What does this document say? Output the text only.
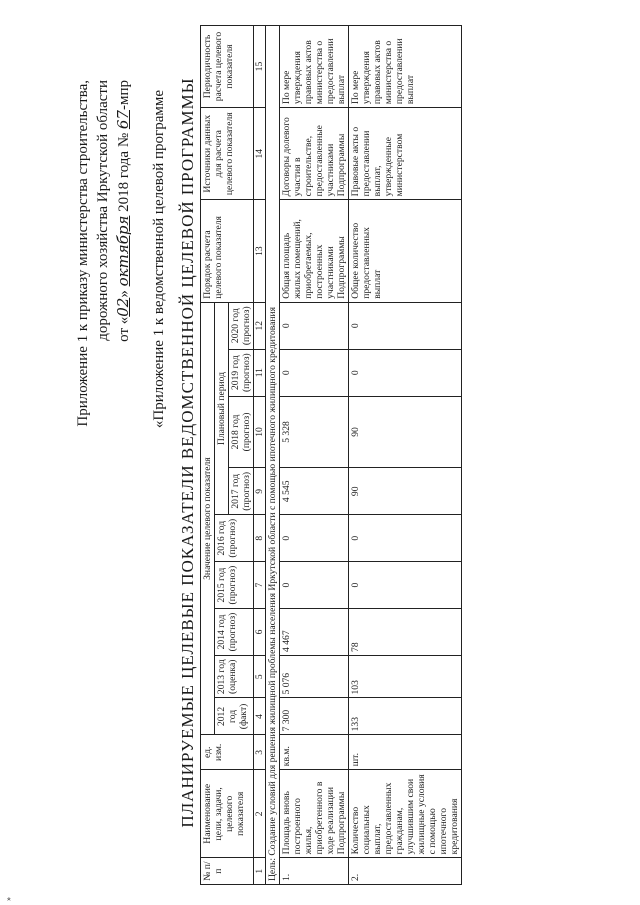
»
Приложение 1 к приказу министерства строительства, дорожного хозяйства Иркутской области от «02» октября 2018 года № 67-мпр «Приложение 1 к ведомственной целевой программе ПЛАНИРУЕМЫЕ ЦЕЛЕВЫЕ ПОКАЗАТЕЛИ ВЕДОМСТВЕННОЙ ЦЕЛЕВОЙ ПРОГРАММЫ
№ п/п	Наименование цели, задачи, целевого показателя	ед. изм.	Значение целевого показателя									Порядок расчета целевого показателя	Источники данных для расчета целевого показателя	Периодичность расчета целевого показателя
			2012 год (факт)	2013 год (оценка)	2014 год (прогноз)	2015 год (прогноз)	2016 год (прогноз)	Плановый период						
								2017 год (прогноз)	2018 год (прогноз)	2019 год (прогноз)	2020 год (прогноз)			
1	2	3	4	5	6	7	8	9	10	11	12	13	14	15
Цель: Создание условий для решения жилищной проблемы населения Иркутской области с помощью ипотечного жилищного кредитования														
1.	Площадь вновь построенного жилья, приобретенного в ходе реализации Подпрограммы	кв.м.	7 300	5 076	4 467	0	0	4 545	5 328	0	0	Общая площадь жилых помещений, приобретаемых, построенных участниками Подпрограммы	Договоры долевого участия в строительстве, предоставленные участниками Подпрограммы	По мере утверждения правовых актов министерства о предоставлении выплат
2.	Количество социальных выплат, предоставленных гражданам, улучшившим свои жилищные условия с помощью ипотечного кредитования	шт.	133	103	78	0	0	90	90	0	0	Общее количество предоставленных выплат	Правовые акты о предоставлении выплат, утвержденные министерством	По мере утверждения правовых актов министерства о предоставлении выплат
